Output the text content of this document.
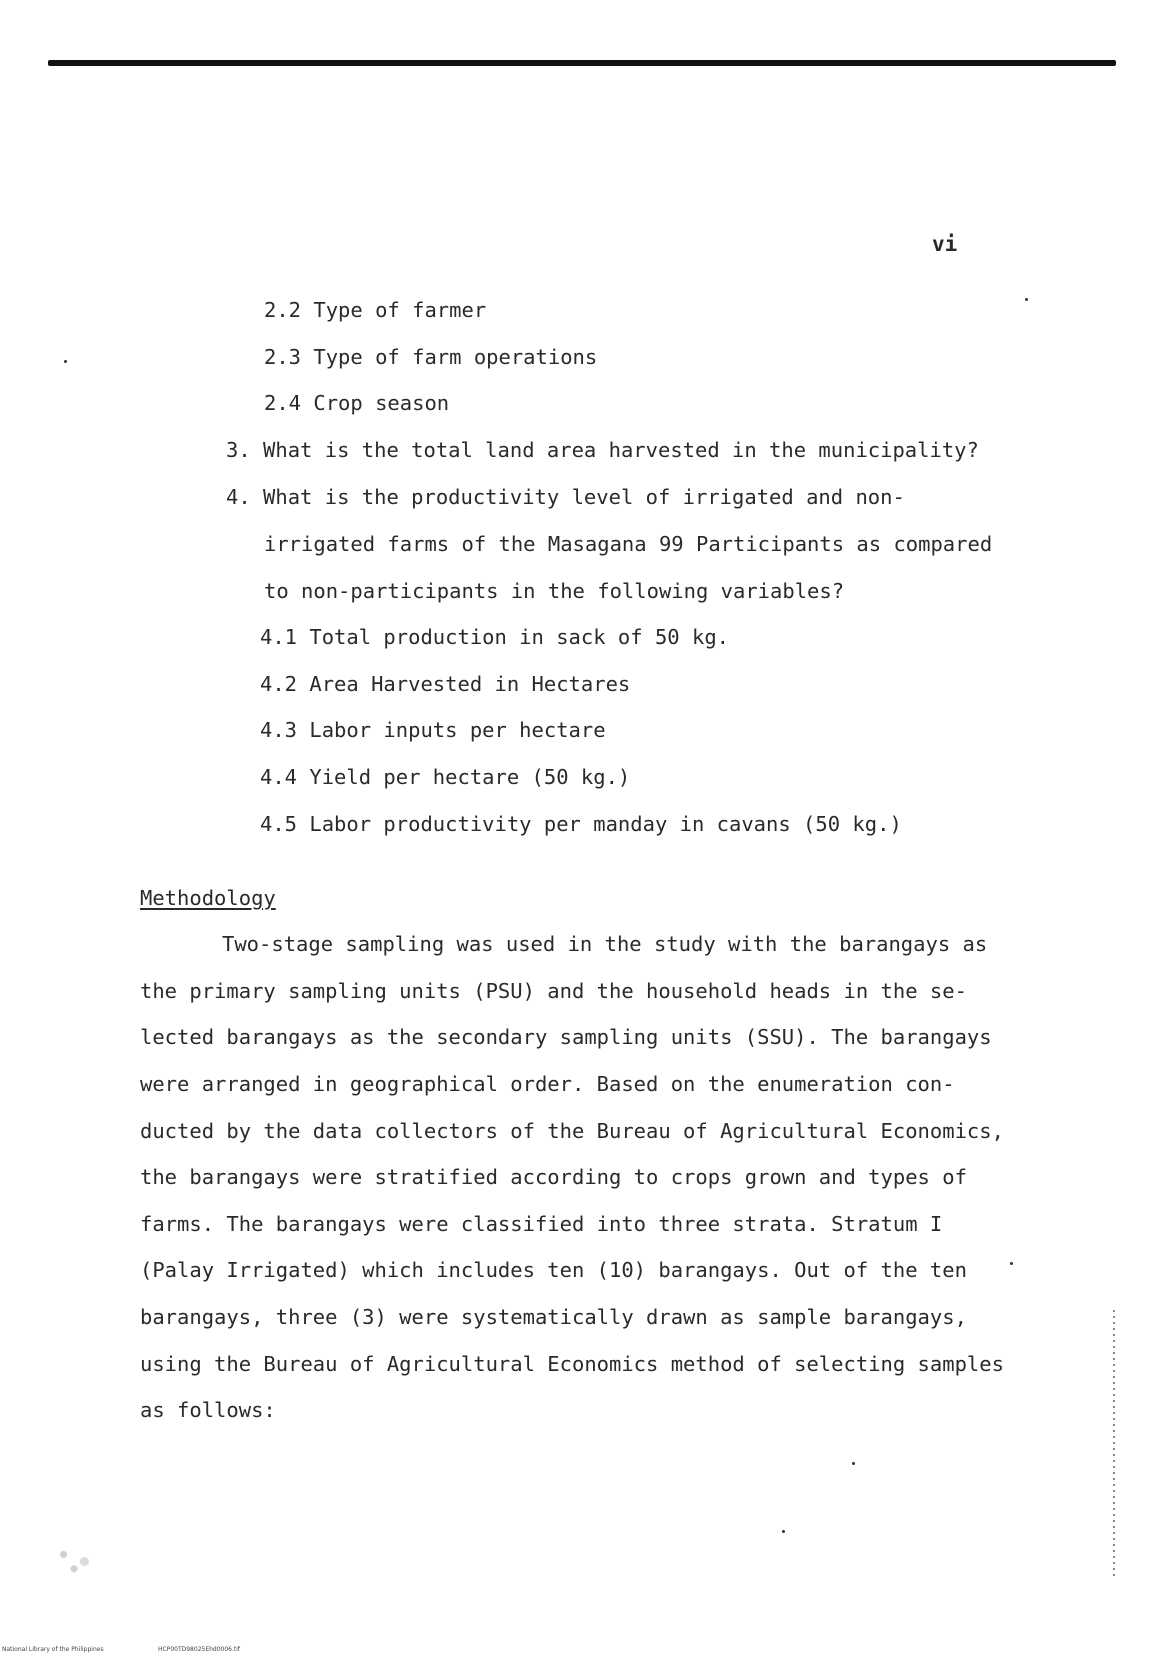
vi
2.2 Type of farmer
2.3 Type of farm operations
2.4 Crop season
3. What is the total land area harvested in the municipality?
4. What is the productivity level of irrigated and non-
irrigated farms of the Masagana 99 Participants as compared
to non-participants in the following variables?
4.1 Total production in sack of 50 kg.
4.2 Area Harvested in Hectares
4.3 Labor inputs per hectare
4.4 Yield per hectare (50 kg.)
4.5 Labor productivity per manday in cavans (50 kg.)
Methodology
Two-stage sampling was used in the study with the barangays as
the primary sampling units (PSU) and the household heads in the se-
lected barangays as the secondary sampling units (SSU). The barangays
were arranged in geographical order. Based on the enumeration con-
ducted by the data collectors of the Bureau of Agricultural Economics,
the barangays were stratified according to crops grown and types of
farms. The barangays were classified into three strata. Stratum I
(Palay Irrigated) which includes ten (10) barangays. Out of the ten
barangays, three (3) were systematically drawn as sample barangays,
using the Bureau of Agricultural Economics method of selecting samples
as follows:
National Library of the Philippines	HCP00TD98025Ehd0006.tif
